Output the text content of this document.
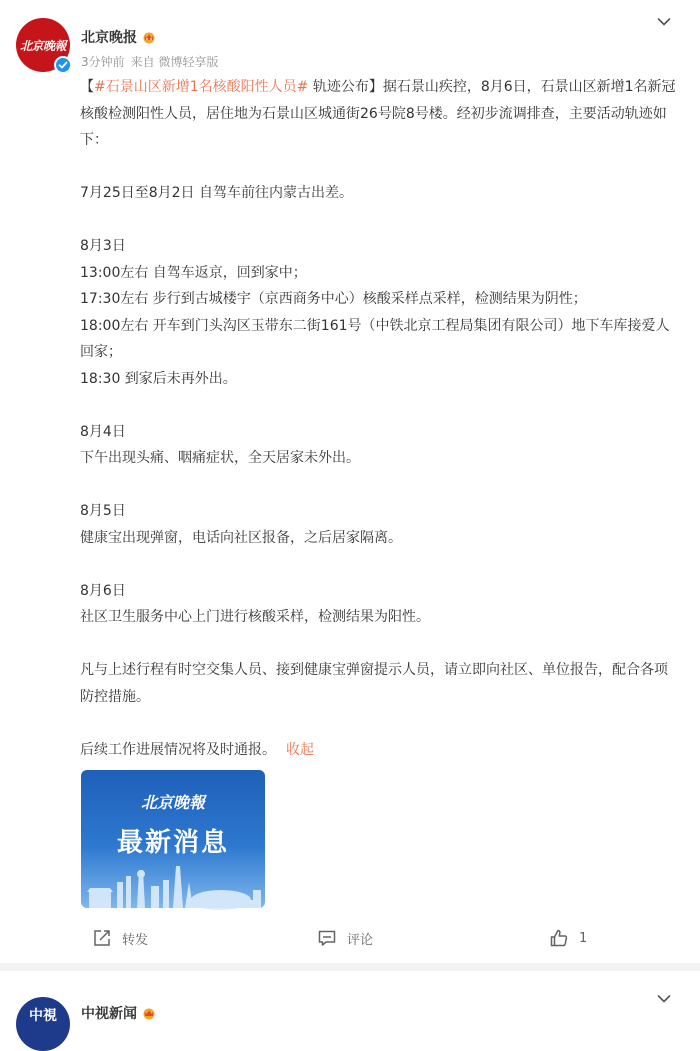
北京晚報 北京晚报
3分钟前 来自 微博轻享版

【#石景山区新增1名核酸阳性人员# 轨迹公布】据石景山疾控，8月6日，石景山区新增1名新冠核酸检测阳性人员，居住地为石景山区城通街26号院8号楼。经初步流调排查，主要活动轨迹如下：

7月25日至8月2日 自驾车前往内蒙古出差。

8月3日

13:00左右 自驾车返京，回到家中；

17:30左右 步行到古城楼宇（京西商务中心）核酸采样点采样，检测结果为阴性；

18:00左右 开车到门头沟区玉带东二街161号（中铁北京工程局集团有限公司）地下车库接爱人回家；

18:30 到家后未再外出。

8月4日

下午出现头痛、咽痛症状，全天居家未外出。

8月5日

健康宝出现弹窗，电话向社区报备，之后居家隔离。

8月6日

社区卫生服务中心上门进行核酸采样，检测结果为阳性。

凡与上述行程有时空交集人员、接到健康宝弹窗提示人员，请立即向社区、单位报告，配合各项防控措施。

后续工作进展情况将及时通报。 收起

北京晚報
最新消息
转发	评论	1
中視 中视新闻
